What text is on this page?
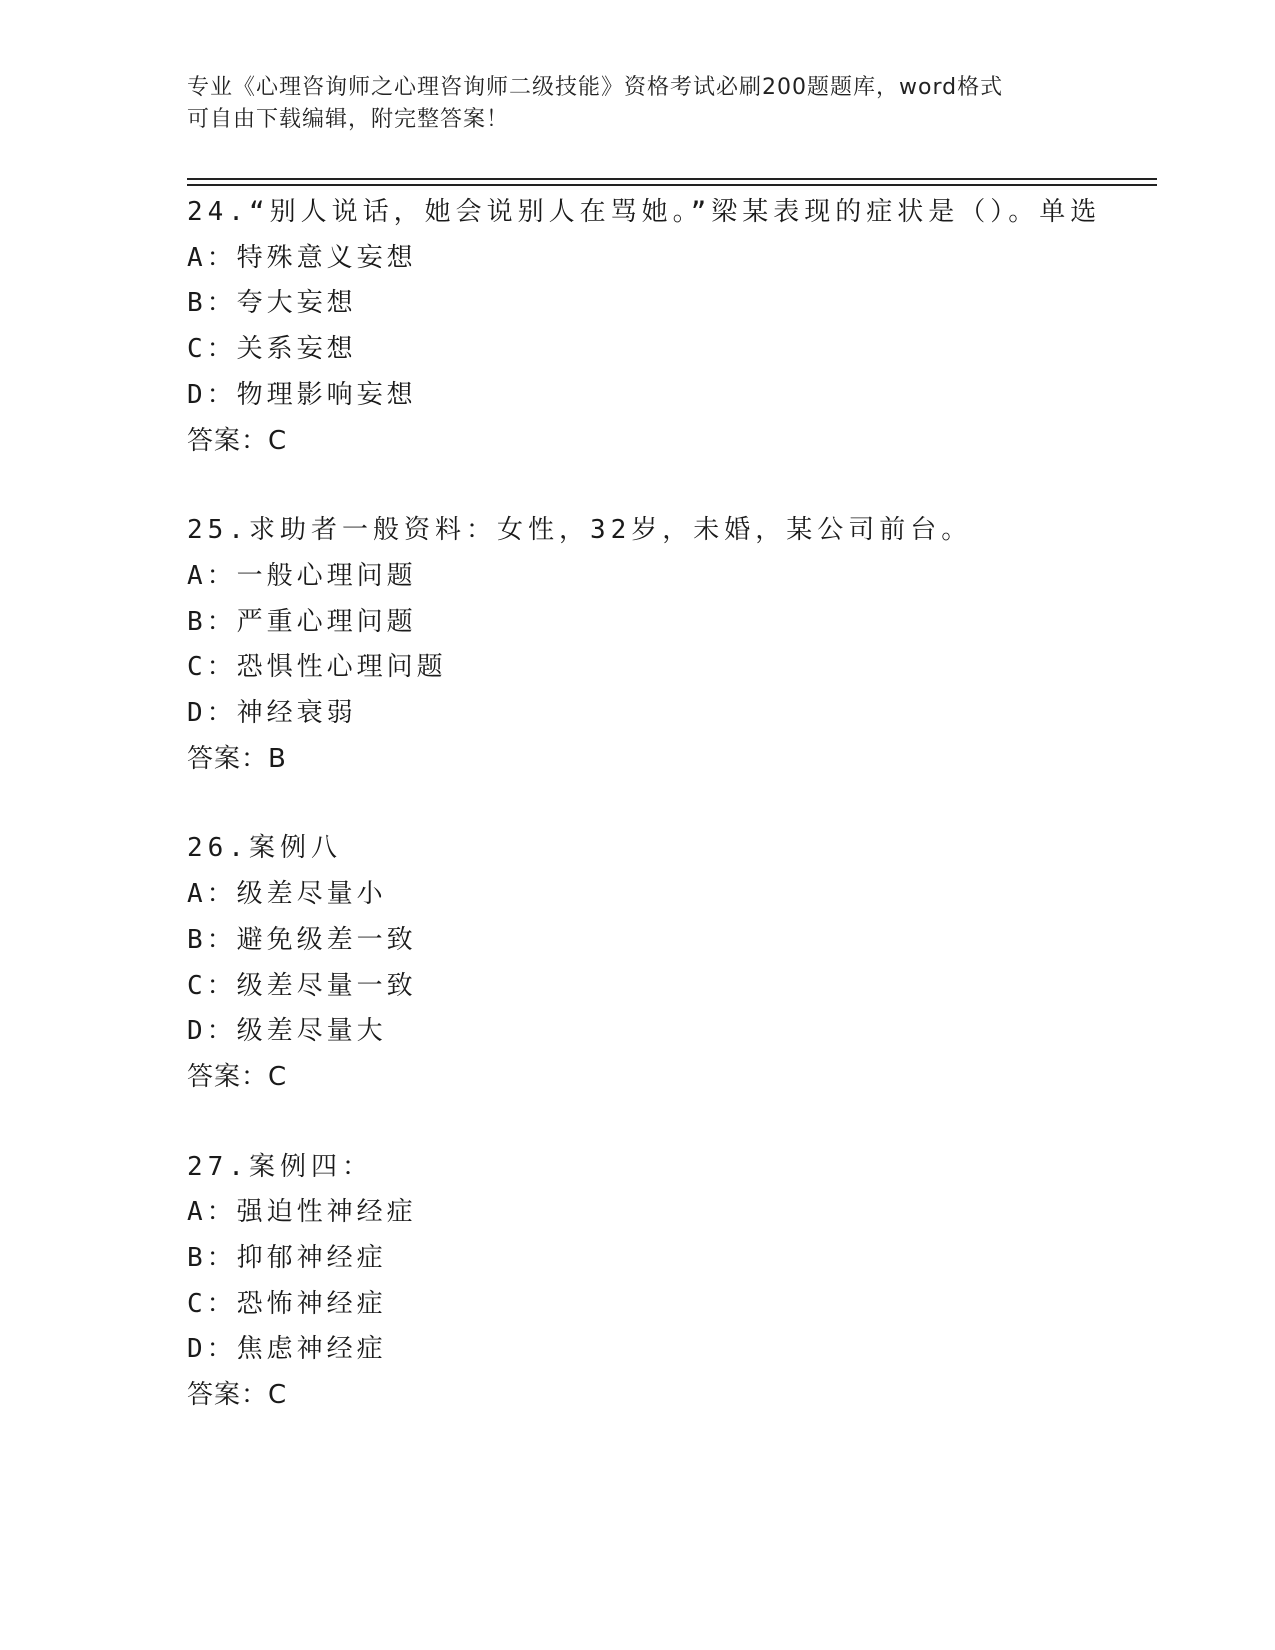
专业《心理咨询师之心理咨询师二级技能》资格考试必刷200题题库，word格式
可自由下载编辑，附完整答案！
24.“别人说话，她会说别人在骂她。”梁某表现的症状是（）。单选
A：特殊意义妄想
B：夸大妄想
C：关系妄想
D：物理影响妄想
答案：C
25.求助者一般资料：女性，32岁，未婚，某公司前台。
A：一般心理问题
B：严重心理问题
C：恐惧性心理问题
D：神经衰弱
答案：B
26.案例八
A：级差尽量小
B：避免级差一致
C：级差尽量一致
D：级差尽量大
答案：C
27.案例四：
A：强迫性神经症
B：抑郁神经症
C：恐怖神经症
D：焦虑神经症
答案：C
